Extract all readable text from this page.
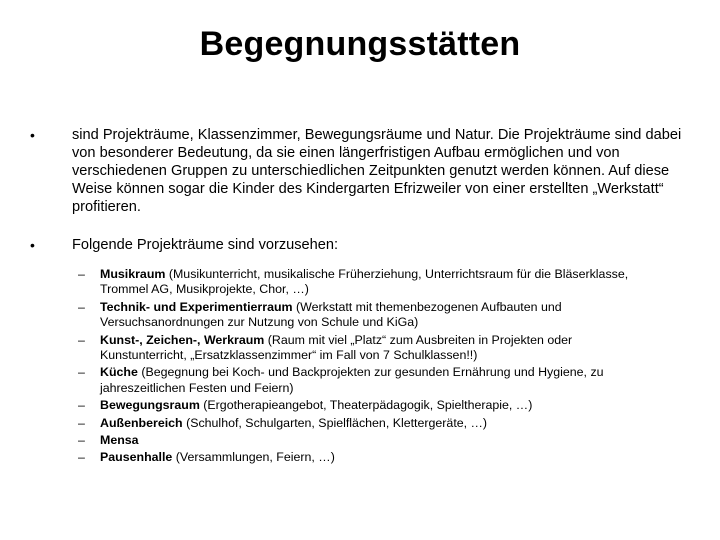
Begegnungsstätten
•	sind Projekträume, Klassenzimmer, Bewegungsräume und Natur. Die Projekträume sind dabei von besonderer Bedeutung, da sie einen längerfristigen Aufbau ermöglichen und von verschiedenen Gruppen zu unterschiedlichen Zeitpunkten genutzt werden können. Auf diese Weise können sogar die Kinder des Kindergarten Efrizweiler von einer erstellten „Werkstatt“ profitieren.
•	Folgende Projekträume sind vorzusehen:
– Musikraum (Musikunterricht, musikalische Früherziehung, Unterrichtsraum für die Bläserklasse, Trommel AG, Musikprojekte, Chor, …)
– Technik- und Experimentierraum (Werkstatt mit themenbezogenen Aufbauten und Versuchsanordnungen zur Nutzung von Schule und KiGa)
– Kunst-, Zeichen-, Werkraum (Raum mit viel „Platz“ zum Ausbreiten in Projekten oder Kunstunterricht, „Ersatzklassenzimmer“ im Fall von 7 Schulklassen!!)
– Küche (Begegnung bei Koch- und Backprojekten zur gesunden Ernährung und Hygiene, zu jahreszeitlichen Festen und Feiern)
– Bewegungsraum (Ergotherapieangebot, Theaterpädagogik, Spieltherapie, …)
– Außenbereich (Schulhof, Schulgarten, Spielflächen, Klettergeräte, …)
– Mensa
– Pausenhalle (Versammlungen, Feiern, …)
